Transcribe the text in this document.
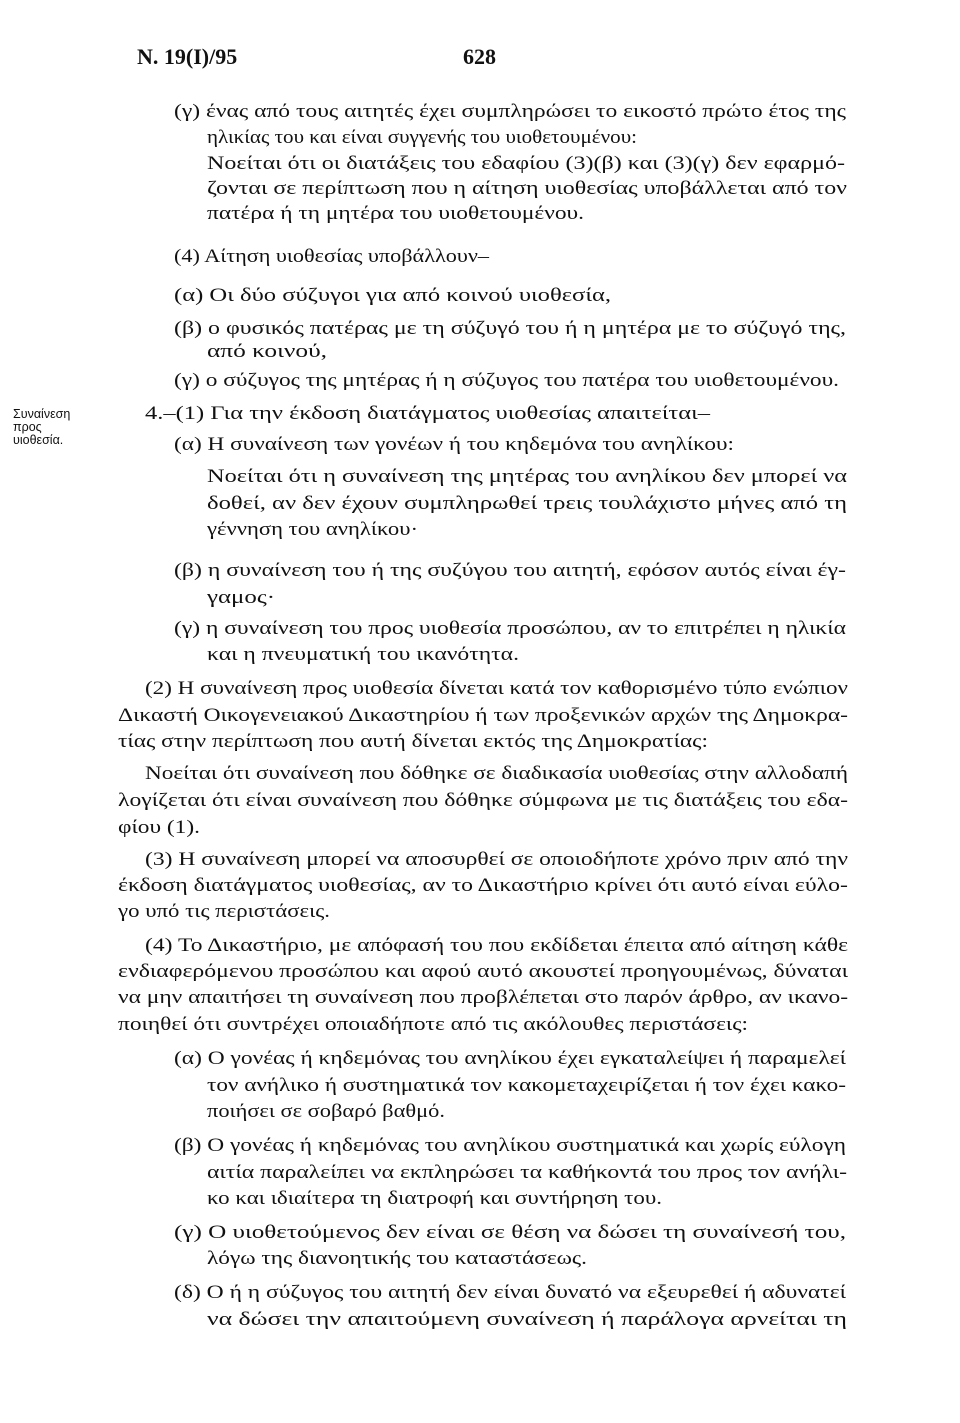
N. 19(I)/95	628
Συναίνεση
προς
υιοθεσία.
(γ) ένας από τους αιτητές έχει συμπληρώσει το εικοστό πρώτο έτος της
ηλικίας του και είναι συγγενής του υιοθετουμένου:
Νοείται ότι οι διατάξεις του εδαφίου (3)(β) και (3)(γ) δεν εφαρμό-
ζονται σε περίπτωση που η αίτηση υιοθεσίας υποβάλλεται από τον
πατέρα ή τη μητέρα του υιοθετουμένου.
(4) Αίτηση υιοθεσίας υποβάλλουν–
(α) Οι δύο σύζυγοι για από κοινού υιοθεσία,
(β) ο φυσικός πατέρας με τη σύζυγό του ή η μητέρα με το σύζυγό της,
από κοινού,
(γ) ο σύζυγος της μητέρας ή η σύζυγος του πατέρα του υιοθετουμένου.
4.–(1) Για την έκδοση διατάγματος υιοθεσίας απαιτείται–
(α) Η συναίνεση των γονέων ή του κηδεμόνα του ανηλίκου:
Νοείται ότι η συναίνεση της μητέρας του ανηλίκου δεν μπορεί να
δοθεί, αν δεν έχουν συμπληρωθεί τρεις τουλάχιστο μήνες από τη
γέννηση του ανηλίκου·
(β) η συναίνεση του ή της συζύγου του αιτητή, εφόσον αυτός είναι έγ-
γαμος·
(γ) η συναίνεση του προς υιοθεσία προσώπου, αν το επιτρέπει η ηλικία
και η πνευματική του ικανότητα.
(2) Η συναίνεση προς υιοθεσία δίνεται κατά τον καθορισμένο τύπο ενώπιον
Δικαστή Οικογενειακού Δικαστηρίου ή των προξενικών αρχών της Δημοκρα-
τίας στην περίπτωση που αυτή δίνεται εκτός της Δημοκρατίας:
Νοείται ότι συναίνεση που δόθηκε σε διαδικασία υιοθεσίας στην αλλοδαπή
λογίζεται ότι είναι συναίνεση που δόθηκε σύμφωνα με τις διατάξεις του εδα-
φίου (1).
(3) Η συναίνεση μπορεί να αποσυρθεί σε οποιοδήποτε χρόνο πριν από την
έκδοση διατάγματος υιοθεσίας, αν το Δικαστήριο κρίνει ότι αυτό είναι εύλο-
γο υπό τις περιστάσεις.
(4) Το Δικαστήριο, με απόφασή του που εκδίδεται έπειτα από αίτηση κάθε
ενδιαφερόμενου προσώπου και αφού αυτό ακουστεί προηγουμένως, δύναται
να μην απαιτήσει τη συναίνεση που προβλέπεται στο παρόν άρθρο, αν ικανο-
ποιηθεί ότι συντρέχει οποιαδήποτε από τις ακόλουθες περιστάσεις:
(α) Ο γονέας ή κηδεμόνας του ανηλίκου έχει εγκαταλείψει ή παραμελεί
τον ανήλικο ή συστηματικά τον κακομεταχειρίζεται ή τον έχει κακο-
ποιήσει σε σοβαρό βαθμό.
(β) Ο γονέας ή κηδεμόνας του ανηλίκου συστηματικά και χωρίς εύλογη
αιτία παραλείπει να εκπληρώσει τα καθήκοντά του προς τον ανήλι-
κο και ιδιαίτερα τη διατροφή και συντήρηση του.
(γ) Ο υιοθετούμενος δεν είναι σε θέση να δώσει τη συναίνεσή του,
λόγω της διανοητικής του καταστάσεως.
(δ) Ο ή η σύζυγος του αιτητή δεν είναι δυνατό να εξευρεθεί ή αδυνατεί
να δώσει την απαιτούμενη συναίνεση ή παράλογα αρνείται τη
